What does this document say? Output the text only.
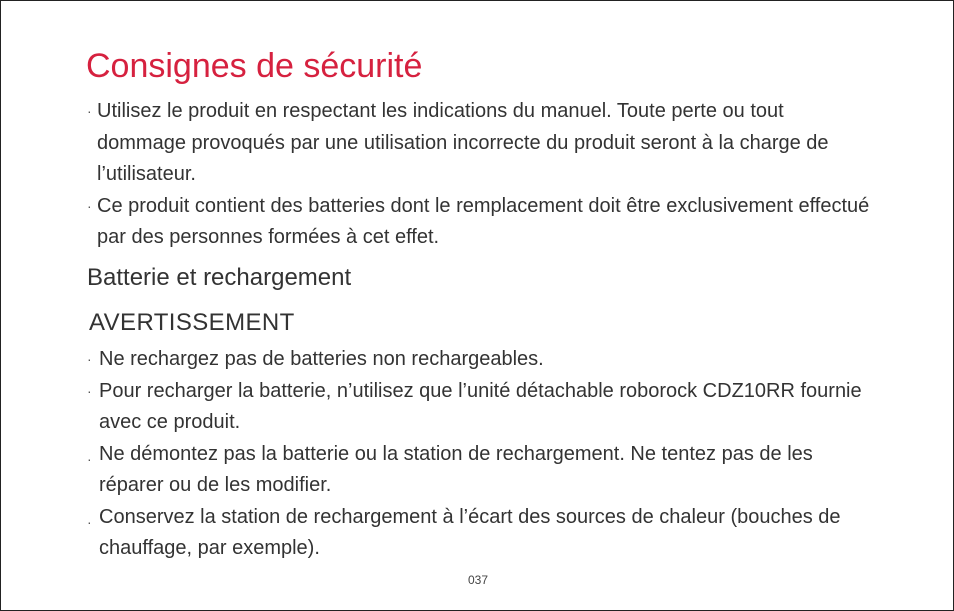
Consignes de sécurité
· Utilisez le produit en respectant les indications du manuel. Toute perte ou tout dommage provoqués par une utilisation incorrecte du produit seront à la charge de l’utilisateur.
· Ce produit contient des batteries dont le remplacement doit être exclusivement effectué par des personnes formées à cet effet.
Batterie et rechargement
AVERTISSEMENT
· Ne rechargez pas de batteries non rechargeables.
· Pour recharger la batterie, n’utilisez que l’unité détachable roborock CDZ10RR fournie avec ce produit.
· Ne démontez pas la batterie ou la station de rechargement. Ne tentez pas de les réparer ou de les modifier.
· Conservez la station de rechargement à l’écart des sources de chaleur (bouches de chauffage, par exemple).
037
